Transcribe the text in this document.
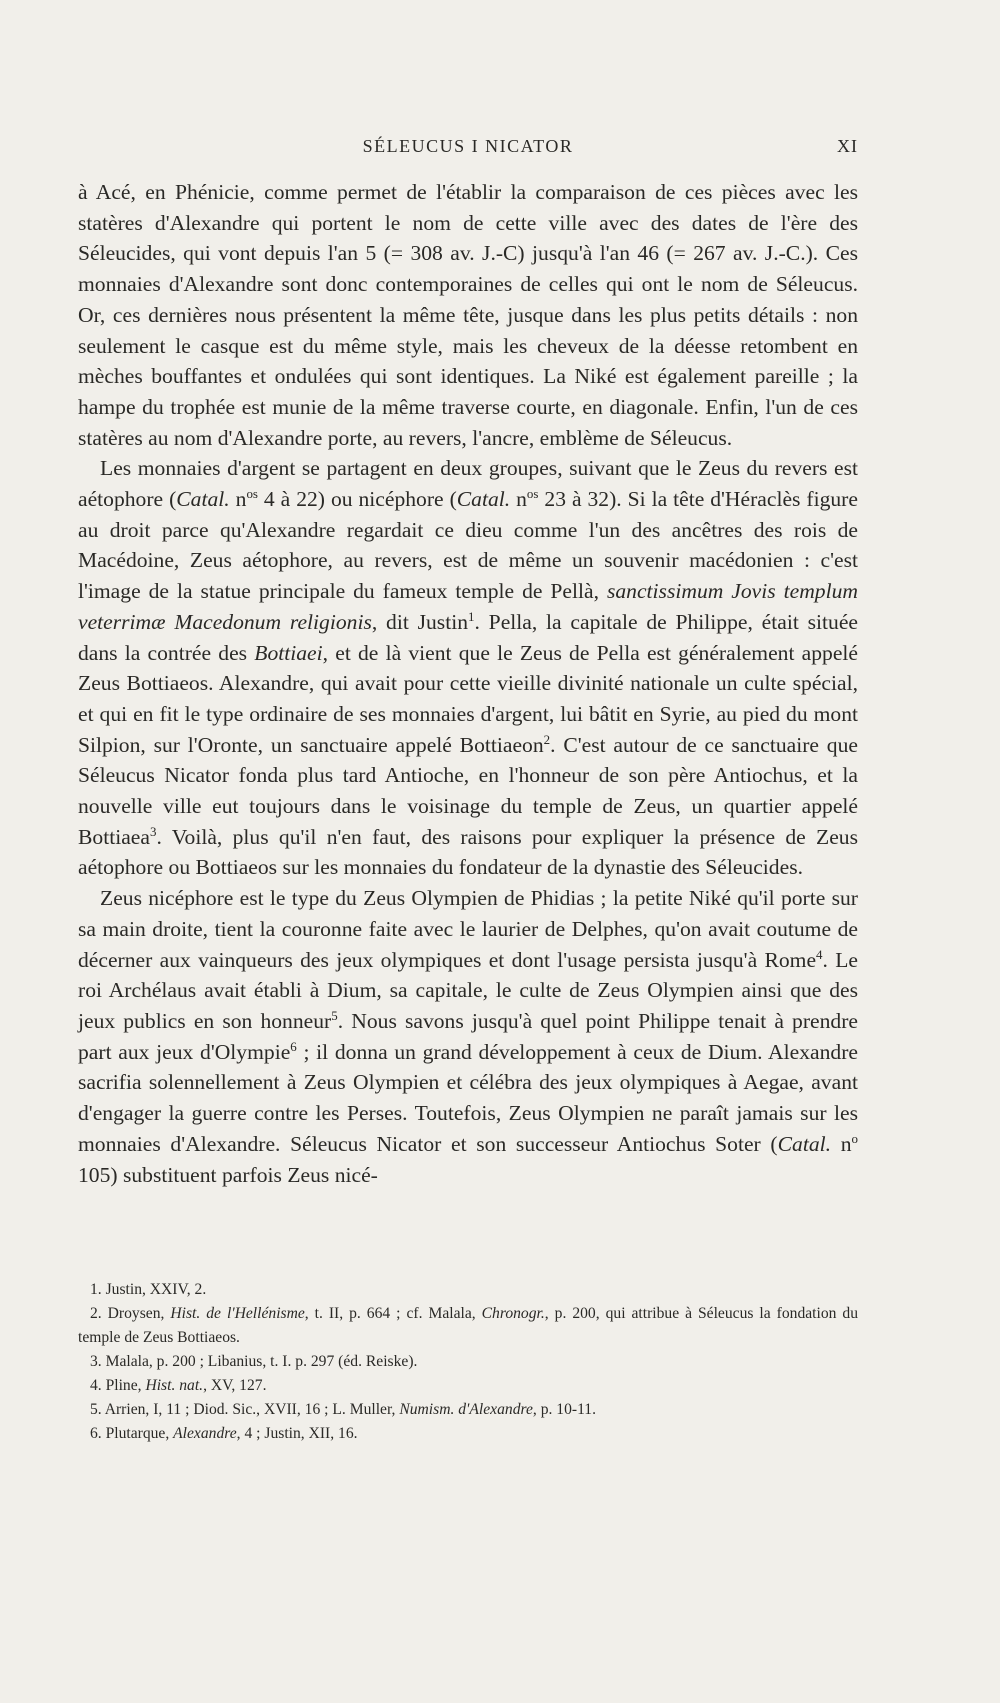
SÉLEUCUS I NICATOR	XI

à Acé, en Phénicie, comme permet de l'établir la comparaison de ces pièces avec les statères d'Alexandre qui portent le nom de cette ville avec des dates de l'ère des Séleucides, qui vont depuis l'an 5 (= 308 av. J.-C) jusqu'à l'an 46 (= 267 av. J.-C.). Ces monnaies d'Alexandre sont donc contemporaines de celles qui ont le nom de Séleucus. Or, ces dernières nous présentent la même tête, jusque dans les plus petits détails : non seulement le casque est du même style, mais les cheveux de la déesse retombent en mèches bouffantes et ondulées qui sont identiques. La Niké est également pareille ; la hampe du trophée est munie de la même traverse courte, en diagonale. Enfin, l'un de ces statères au nom d'Alexandre porte, au revers, l'ancre, emblème de Séleucus.

Les monnaies d'argent se partagent en deux groupes, suivant que le Zeus du revers est aétophore (Catal. $n^{os}$ 4 à 22) ou nicéphore (Catal. $n^{os}$ 23 à 32). Si la tête d'Héraclès figure au droit parce qu'Alexandre regardait ce dieu comme l'un des ancêtres des rois de Macédoine, Zeus aétophore, au revers, est de même un souvenir macédonien : c'est l'image de la statue principale du fameux temple de Pellà, sanctissimum Jovis templum veterrimæ Macedonum religionis, dit Justin$^1$. Pella, la capitale de Philippe, était située dans la contrée des Bottiaei, et de là vient que le Zeus de Pella est généralement appelé Zeus Bottiaeos. Alexandre, qui avait pour cette vieille divinité nationale un culte spécial, et qui en fit le type ordinaire de ses monnaies d'argent, lui bâtit en Syrie, au pied du mont Silpion, sur l'Oronte, un sanctuaire appelé Bottiaeon$^2$. C'est autour de ce sanctuaire que Séleucus Nicator fonda plus tard Antioche, en l'honneur de son père Antiochus, et la nouvelle ville eut toujours dans le voisinage du temple de Zeus, un quartier appelé Bottiaea$^3$. Voilà, plus qu'il n'en faut, des raisons pour expliquer la présence de Zeus aétophore ou Bottiaeos sur les monnaies du fondateur de la dynastie des Séleucides.

Zeus nicéphore est le type du Zeus Olympien de Phidias ; la petite Niké qu'il porte sur sa main droite, tient la couronne faite avec le laurier de Delphes, qu'on avait coutume de décerner aux vainqueurs des jeux olympiques et dont l'usage persista jusqu'à Rome$^4$. Le roi Archélaus avait établi à Dium, sa capitale, le culte de Zeus Olympien ainsi que des jeux publics en son honneur$^5$. Nous savons jusqu'à quel point Philippe tenait à prendre part aux jeux d'Olympie$^6$ ; il donna un grand développement à ceux de Dium. Alexandre sacrifia solennellement à Zeus Olympien et célébra des jeux olympiques à Aegae, avant d'engager la guerre contre les Perses. Toutefois, Zeus Olympien ne paraît jamais sur les monnaies d'Alexandre. Séleucus Nicator et son successeur Antiochus Soter (Catal. $n^o$ 105) substituent parfois Zeus nicé-

1. Justin, XXIV, 2.

2. Droysen, Hist. de l'Hellénisme, t. II, p. 664 ; cf. Malala, Chronogr., p. 200, qui attribue à Séleucus la fondation du temple de Zeus Bottiaeos.

3. Malala, p. 200 ; Libanius, t. I. p. 297 (éd. Reiske).

4. Pline, Hist. nat., XV, 127.

5. Arrien, I, 11 ; Diod. Sic., XVII, 16 ; L. Muller, Numism. d'Alexandre, p. 10-11.

6. Plutarque, Alexandre, 4 ; Justin, XII, 16.
